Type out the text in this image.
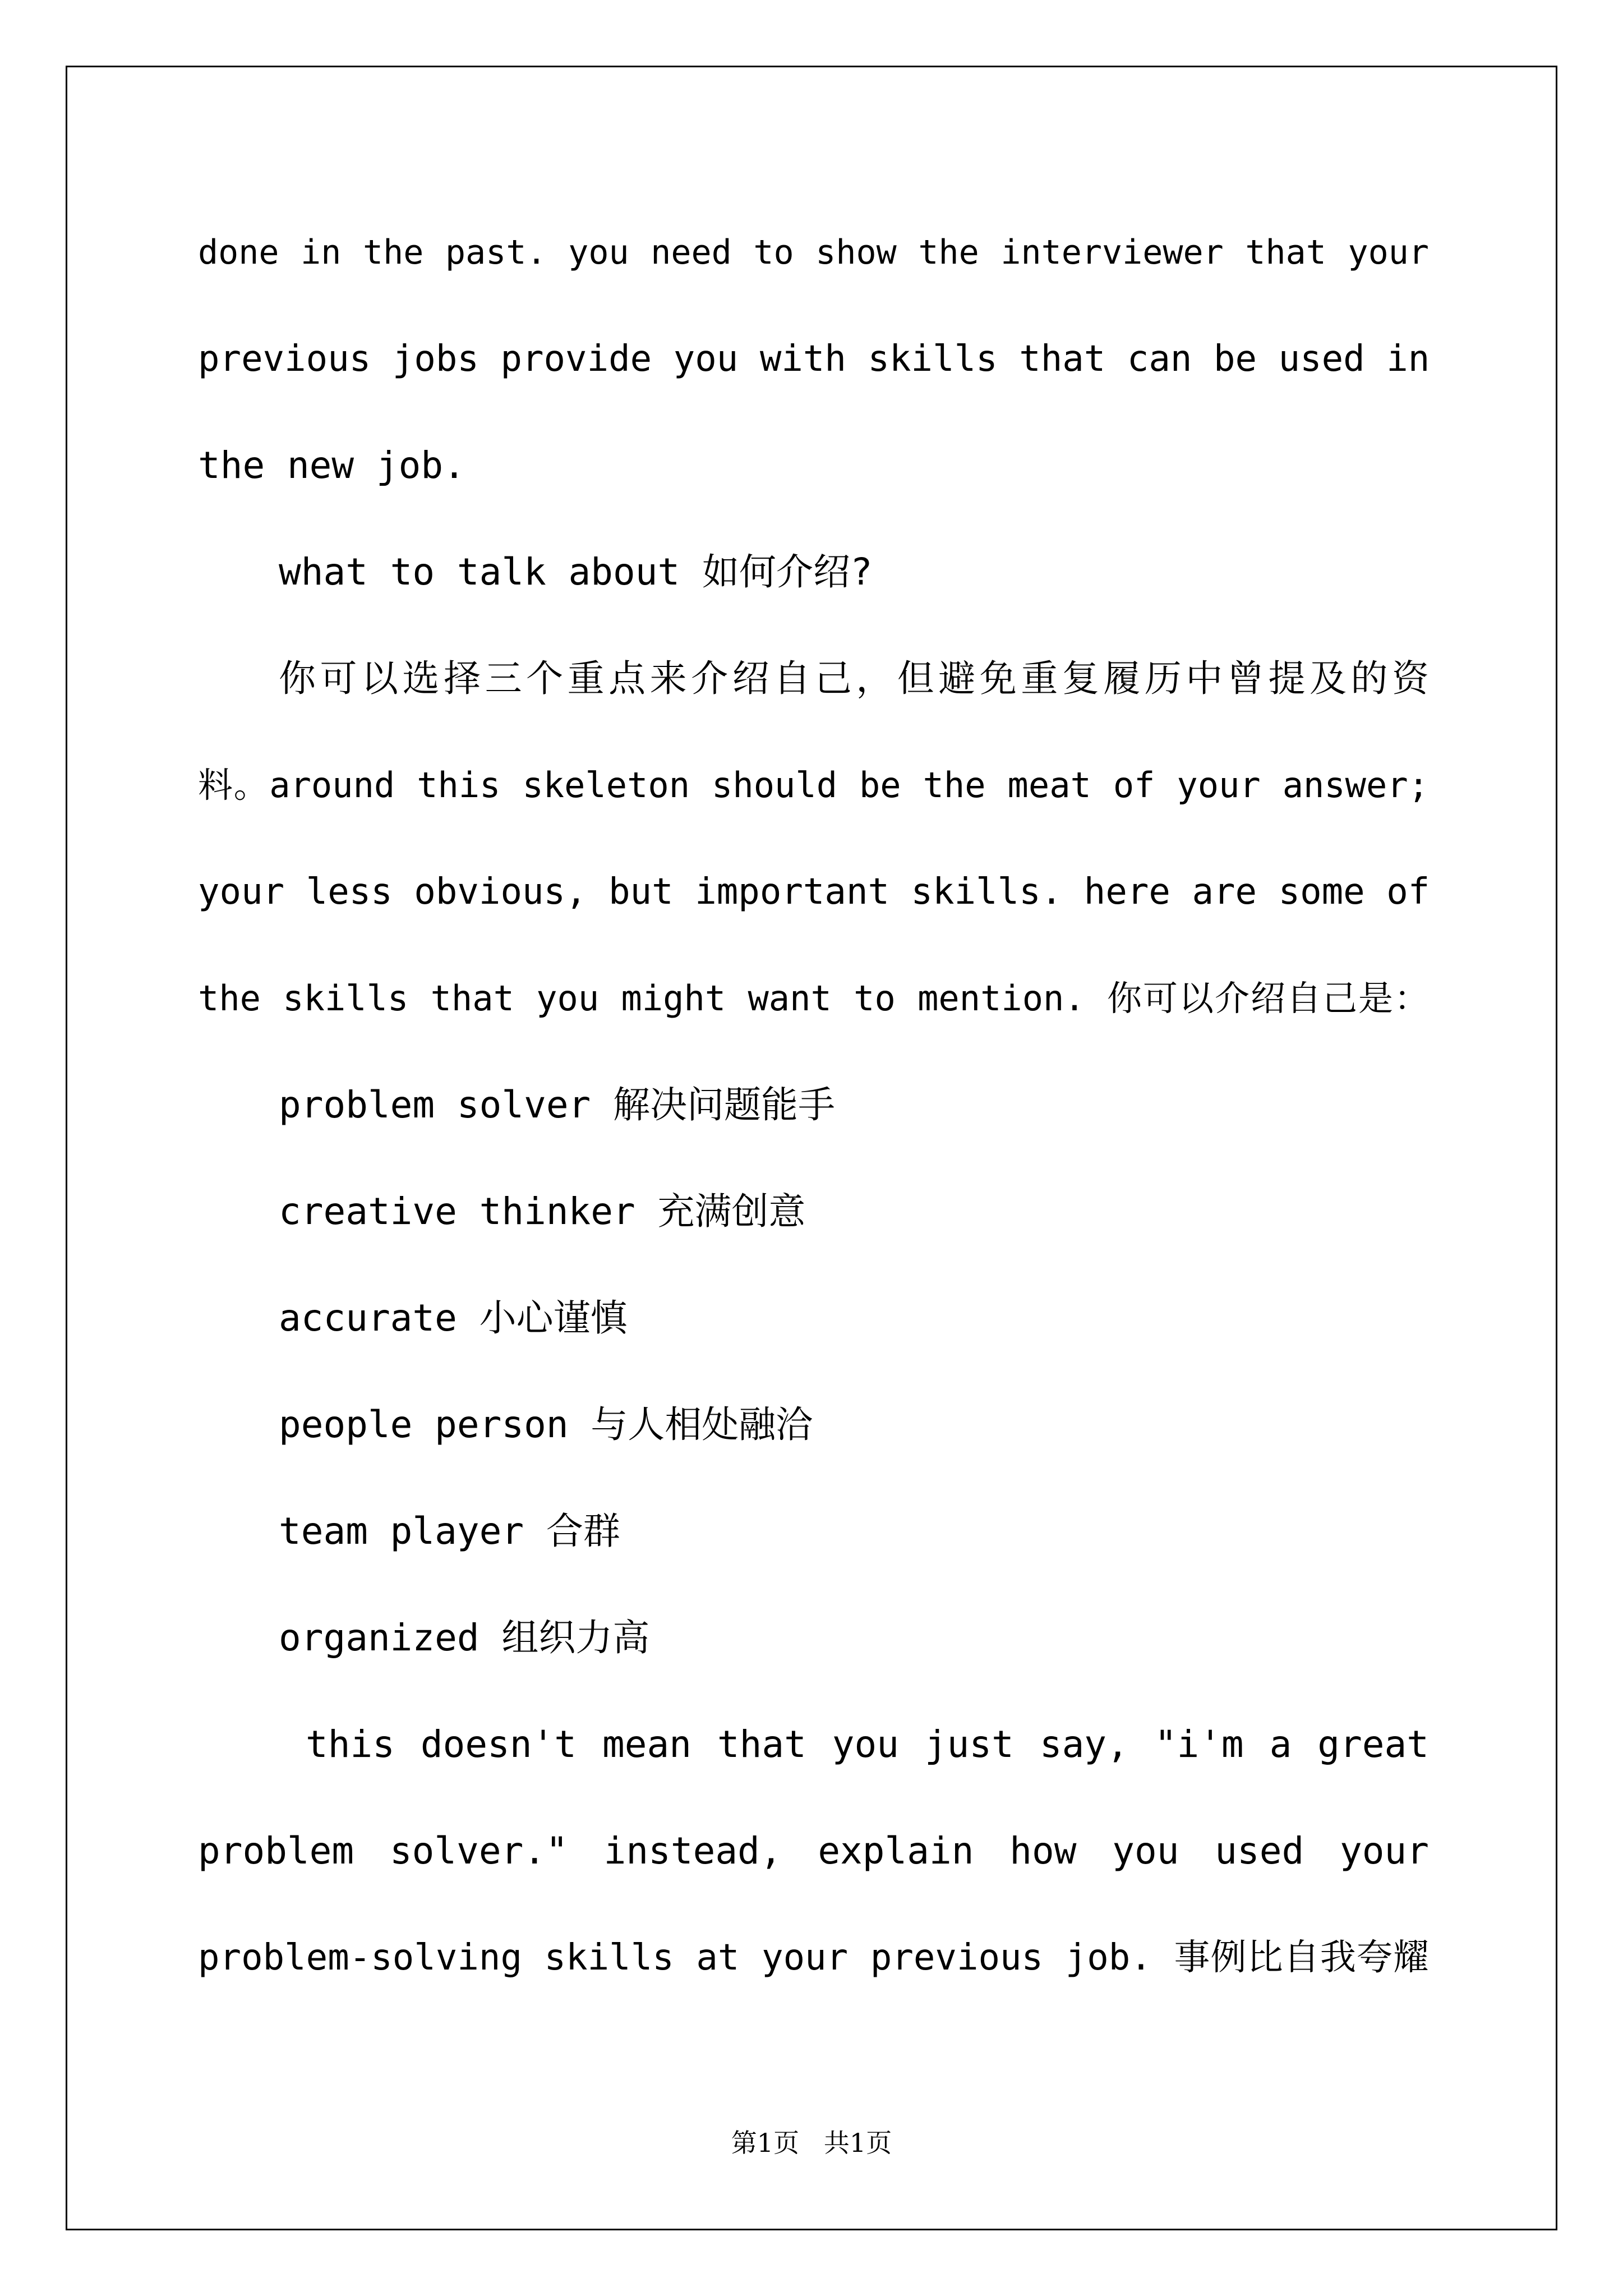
done in the past. you need to show the interviewer that your
previous jobs provide you with skills that can be used in
the new job.
what to talk about 如何介绍?
你可以选择三个重点来介绍自己，但避免重复履历中曾提及的资
料。around this skeleton should be the meat of your answer;
your less obvious, but important skills. here are some of
the skills that you might want to mention. 你可以介绍自己是：
problem solver 解决问题能手
creative thinker 充满创意
accurate 小心谨慎
people person 与人相处融洽
team player 合群
organized 组织力高
this doesn't mean that you just say, "i'm a great
problem solver." instead, explain how you used your
problem-solving skills at your previous job. 事例比自我夸耀
第1页   共1页
